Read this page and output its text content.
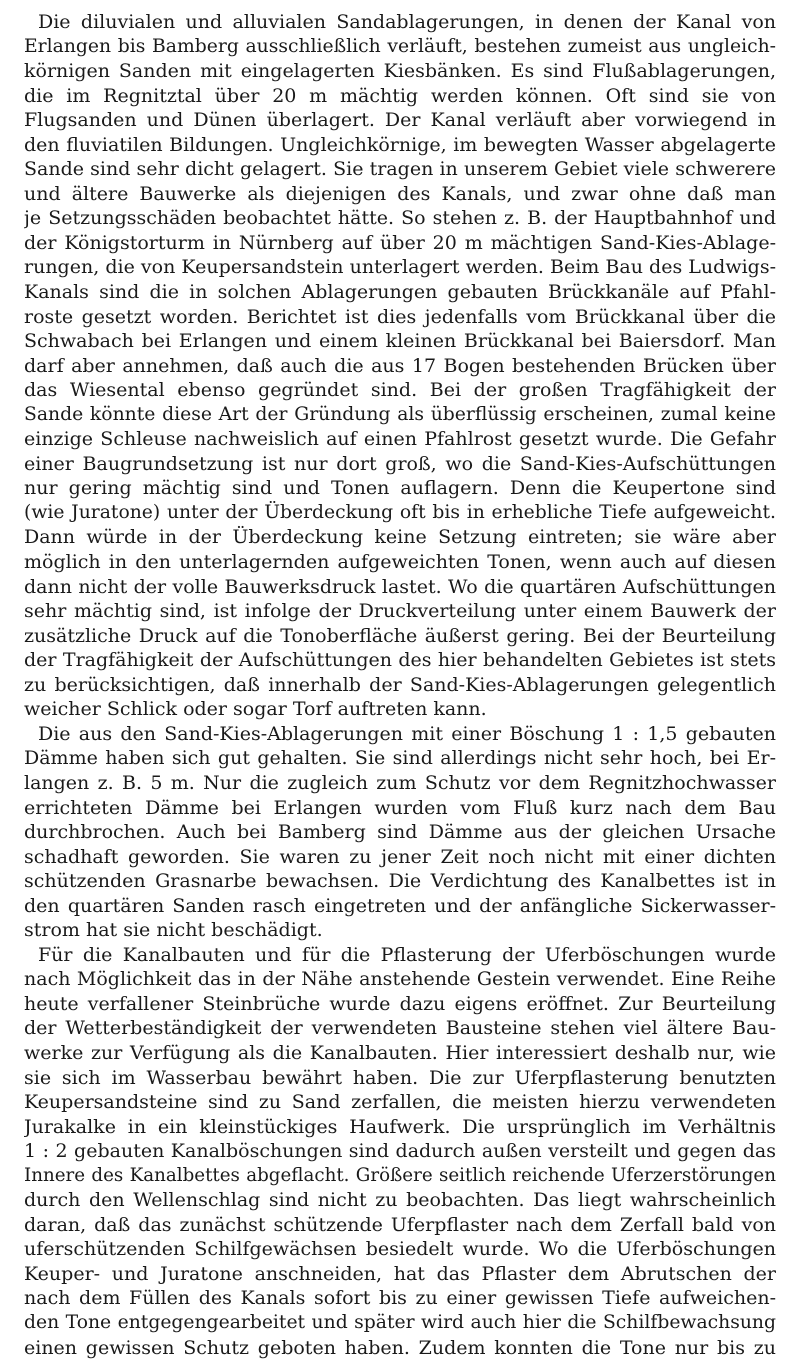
Die diluvialen und alluvialen Sandablagerungen, in denen der Kanal von
Erlangen bis Bamberg ausschließlich verläuft, bestehen zumeist aus ungleich-
körnigen Sanden mit eingelagerten Kiesbänken. Es sind Flußablagerungen,
die im Regnitztal über 20 m mächtig werden können. Oft sind sie von
Flugsanden und Dünen überlagert. Der Kanal verläuft aber vorwiegend in
den fluviatilen Bildungen. Ungleichkörnige, im bewegten Wasser abgelagerte
Sande sind sehr dicht gelagert. Sie tragen in unserem Gebiet viele schwerere
und ältere Bauwerke als diejenigen des Kanals, und zwar ohne daß man
je Setzungsschäden beobachtet hätte. So stehen z. B. der Hauptbahnhof und
der Königstorturm in Nürnberg auf über 20 m mächtigen Sand-Kies-Ablage-
rungen, die von Keupersandstein unterlagert werden. Beim Bau des Ludwigs-
Kanals sind die in solchen Ablagerungen gebauten Brückkanäle auf Pfahl-
roste gesetzt worden. Berichtet ist dies jedenfalls vom Brückkanal über die
Schwabach bei Erlangen und einem kleinen Brückkanal bei Baiersdorf. Man
darf aber annehmen, daß auch die aus 17 Bogen bestehenden Brücken über
das Wiesental ebenso gegründet sind. Bei der großen Tragfähigkeit der
Sande könnte diese Art der Gründung als überflüssig erscheinen, zumal keine
einzige Schleuse nachweislich auf einen Pfahlrost gesetzt wurde. Die Gefahr
einer Baugrundsetzung ist nur dort groß, wo die Sand-Kies-Aufschüttungen
nur gering mächtig sind und Tonen auflagern. Denn die Keupertone sind
(wie Juratone) unter der Überdeckung oft bis in erhebliche Tiefe aufgeweicht.
Dann würde in der Überdeckung keine Setzung eintreten; sie wäre aber
möglich in den unterlagernden aufgeweichten Tonen, wenn auch auf diesen
dann nicht der volle Bauwerksdruck lastet. Wo die quartären Aufschüttungen
sehr mächtig sind, ist infolge der Druckverteilung unter einem Bauwerk der
zusätzliche Druck auf die Tonoberfläche äußerst gering. Bei der Beurteilung
der Tragfähigkeit der Aufschüttungen des hier behandelten Gebietes ist stets
zu berücksichtigen, daß innerhalb der Sand-Kies-Ablagerungen gelegentlich
weicher Schlick oder sogar Torf auftreten kann.
Die aus den Sand-Kies-Ablagerungen mit einer Böschung 1 : 1,5 gebauten
Dämme haben sich gut gehalten. Sie sind allerdings nicht sehr hoch, bei Er-
langen z. B. 5 m. Nur die zugleich zum Schutz vor dem Regnitzhochwasser
errichteten Dämme bei Erlangen wurden vom Fluß kurz nach dem Bau
durchbrochen. Auch bei Bamberg sind Dämme aus der gleichen Ursache
schadhaft geworden. Sie waren zu jener Zeit noch nicht mit einer dichten
schützenden Grasnarbe bewachsen. Die Verdichtung des Kanalbettes ist in
den quartären Sanden rasch eingetreten und der anfängliche Sickerwasser-
strom hat sie nicht beschädigt.
Für die Kanalbauten und für die Pflasterung der Uferböschungen wurde
nach Möglichkeit das in der Nähe anstehende Gestein verwendet. Eine Reihe
heute verfallener Steinbrüche wurde dazu eigens eröffnet. Zur Beurteilung
der Wetterbeständigkeit der verwendeten Bausteine stehen viel ältere Bau-
werke zur Verfügung als die Kanalbauten. Hier interessiert deshalb nur, wie
sie sich im Wasserbau bewährt haben. Die zur Uferpflasterung benutzten
Keupersandsteine sind zu Sand zerfallen, die meisten hierzu verwendeten
Jurakalke in ein kleinstückiges Haufwerk. Die ursprünglich im Verhältnis
1 : 2 gebauten Kanalböschungen sind dadurch außen versteilt und gegen das
Innere des Kanalbettes abgeflacht. Größere seitlich reichende Uferzerstörungen
durch den Wellenschlag sind nicht zu beobachten. Das liegt wahrscheinlich
daran, daß das zunächst schützende Uferpflaster nach dem Zerfall bald von
uferschützenden Schilfgewächsen besiedelt wurde. Wo die Uferböschungen
Keuper- und Juratone anschneiden, hat das Pflaster dem Abrutschen der
nach dem Füllen des Kanals sofort bis zu einer gewissen Tiefe aufweichen-
den Tone entgegengearbeitet und später wird auch hier die Schilfbewachsung
einen gewissen Schutz geboten haben. Zudem konnten die Tone nur bis zu
